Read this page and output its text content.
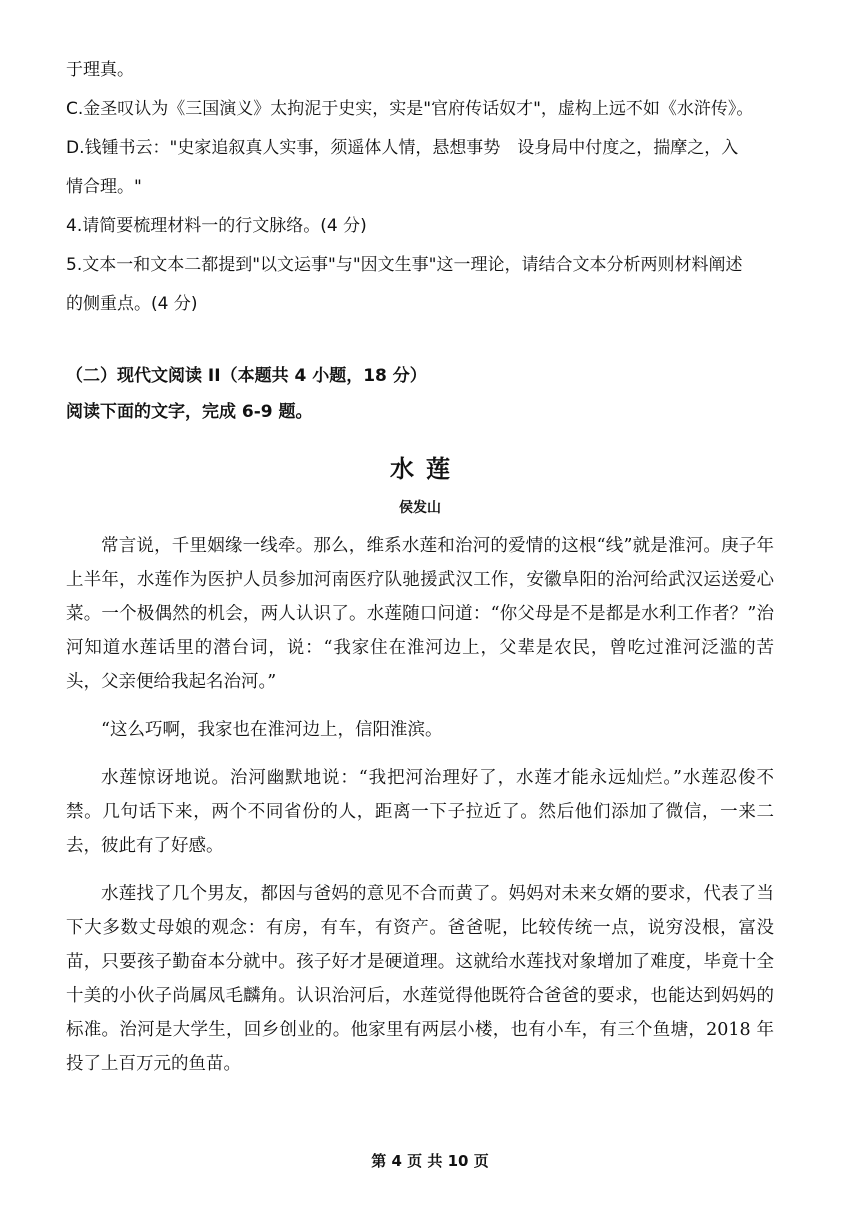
于理真。

C.金圣叹认为《三国演义》太拘泥于史实，实是"官府传话奴才"，虚构上远不如《水浒传》。

D.钱锺书云："史家追叙真人实事，须遥体人情，悬想事势　设身局中付度之，揣摩之，入

情合理。"

4.请简要梳理材料一的行文脉络。(4 分)

5.文本一和文本二都提到"以文运事"与"因文生事"这一理论，请结合文本分析两则材料阐述

的侧重点。(4 分)

（二）现代文阅读 II（本题共 4 小题，18 分）
阅读下面的文字，完成 6-9 题。
水莲
侯发山

常言说，千里姻缘一线牵。那么，维系水莲和治河的爱情的这根“线”就是淮河。庚子年上半年，水莲作为医护人员参加河南医疗队驰援武汉工作，安徽阜阳的治河给武汉运送爱心菜。一个极偶然的机会，两人认识了。水莲随口问道：“你父母是不是都是水利工作者？”治河知道水莲话里的潜台词，说：“我家住在淮河边上，父辈是农民，曾吃过淮河泛滥的苦头，父亲便给我起名治河。”

“这么巧啊，我家也在淮河边上，信阳淮滨。

水莲惊讶地说。治河幽默地说：“我把河治理好了，水莲才能永远灿烂。”水莲忍俊不禁。几句话下来，两个不同省份的人，距离一下子拉近了。然后他们添加了微信，一来二去，彼此有了好感。

水莲找了几个男友，都因与爸妈的意见不合而黄了。妈妈对未来女婿的要求，代表了当下大多数丈母娘的观念：有房，有车，有资产。爸爸呢，比较传统一点，说穷没根，富没苗，只要孩子勤奋本分就中。孩子好才是硬道理。这就给水莲找对象增加了难度，毕竟十全十美的小伙子尚属凤毛麟角。认识治河后，水莲觉得他既符合爸爸的要求，也能达到妈妈的标准。治河是大学生，回乡创业的。他家里有两层小楼，也有小车，有三个鱼塘，2018 年投了上百万元的鱼苗。

第 4 页 共 10 页
